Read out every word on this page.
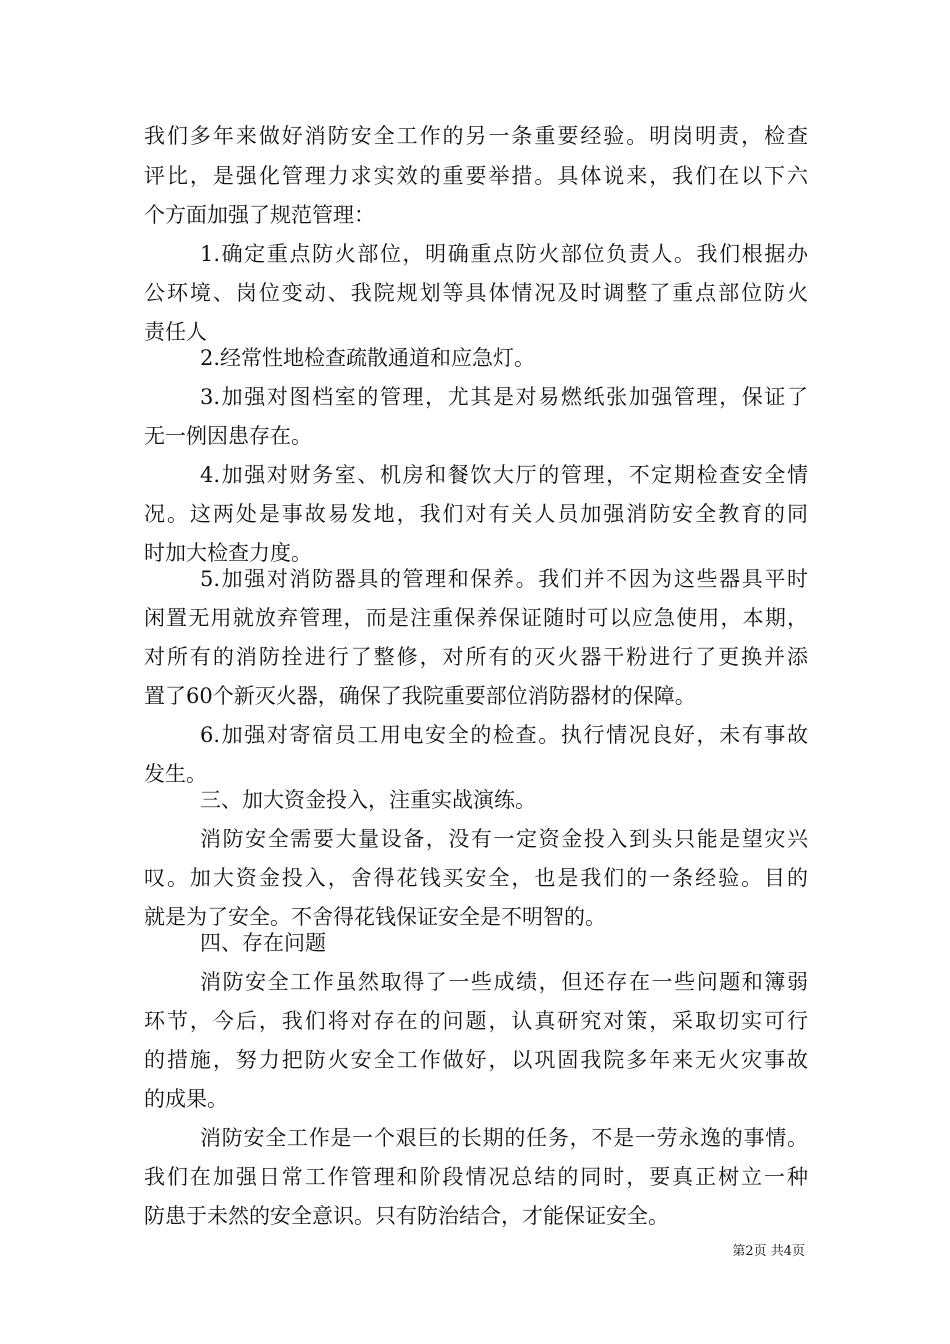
我们多年来做好消防安全工作的另一条重要经验。明岗明责，检查
评比，是强化管理力求实效的重要举措。具体说来，我们在以下六
个方面加强了规范管理：
1.确定重点防火部位，明确重点防火部位负责人。我们根据办
公环境、岗位变动、我院规划等具体情况及时调整了重点部位防火
责任人
2.经常性地检查疏散通道和应急灯。
3.加强对图档室的管理，尤其是对易燃纸张加强管理，保证了
无一例因患存在。
4.加强对财务室、机房和餐饮大厅的管理，不定期检查安全情
况。这两处是事故易发地，我们对有关人员加强消防安全教育的同
时加大检查力度。
5.加强对消防器具的管理和保养。我们并不因为这些器具平时
闲置无用就放弃管理，而是注重保养保证随时可以应急使用，本期，
对所有的消防拴进行了整修，对所有的灭火器干粉进行了更换并添
置了60个新灭火器，确保了我院重要部位消防器材的保障。
6.加强对寄宿员工用电安全的检查。执行情况良好，未有事故
发生。
三、加大资金投入，注重实战演练。
消防安全需要大量设备，没有一定资金投入到头只能是望灾兴
叹。加大资金投入，舍得花钱买安全，也是我们的一条经验。目的
就是为了安全。不舍得花钱保证安全是不明智的。
四、存在问题
消防安全工作虽然取得了一些成绩，但还存在一些问题和簿弱
环节，今后，我们将对存在的问题，认真研究对策，采取切实可行
的措施，努力把防火安全工作做好，以巩固我院多年来无火灾事故
的成果。
消防安全工作是一个艰巨的长期的任务，不是一劳永逸的事情。
我们在加强日常工作管理和阶段情况总结的同时，要真正树立一种
防患于未然的安全意识。只有防治结合，才能保证安全。
第2页 共4页
